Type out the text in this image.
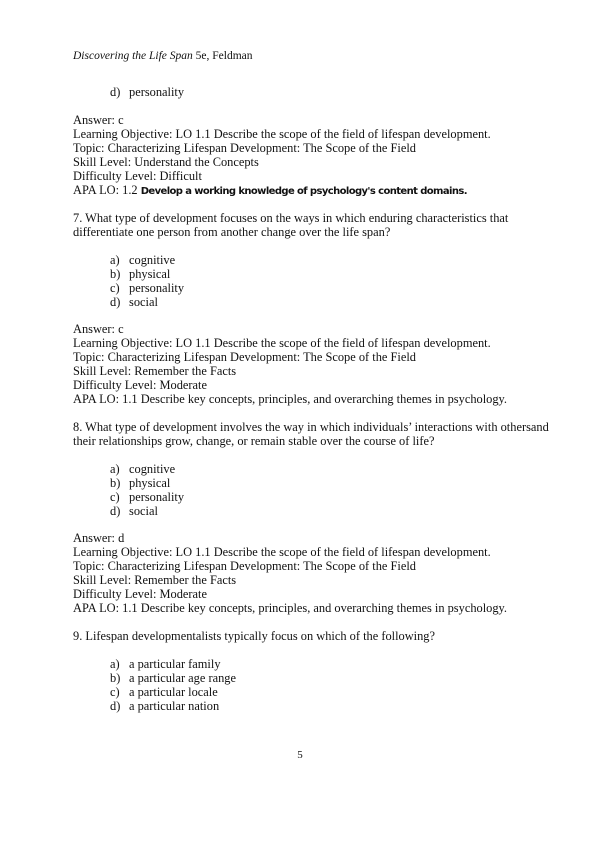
Discovering the Life Span 5e, Feldman
d) personality
Answer: c
Learning Objective: LO 1.1 Describe the scope of the field of lifespan development.
Topic: Characterizing Lifespan Development: The Scope of the Field
Skill Level: Understand the Concepts
Difficulty Level: Difficult
APA LO: 1.2 Develop a working knowledge of psychology's content domains.
7. What type of development focuses on the ways in which enduring characteristics that
differentiate one person from another change over the life span?
a) cognitive
b) physical
c) personality
d) social
Answer: c
Learning Objective: LO 1.1 Describe the scope of the field of lifespan development.
Topic: Characterizing Lifespan Development: The Scope of the Field
Skill Level: Remember the Facts
Difficulty Level: Moderate
APA LO: 1.1 Describe key concepts, principles, and overarching themes in psychology.
8. What type of development involves the way in which individuals’ interactions with othersand
their relationships grow, change, or remain stable over the course of life?
a) cognitive
b) physical
c) personality
d) social
Answer: d
Learning Objective: LO 1.1 Describe the scope of the field of lifespan development.
Topic: Characterizing Lifespan Development: The Scope of the Field
Skill Level: Remember the Facts
Difficulty Level: Moderate
APA LO: 1.1 Describe key concepts, principles, and overarching themes in psychology.
9. Lifespan developmentalists typically focus on which of the following?
a) a particular family
b) a particular age range
c) a particular locale
d) a particular nation
5
